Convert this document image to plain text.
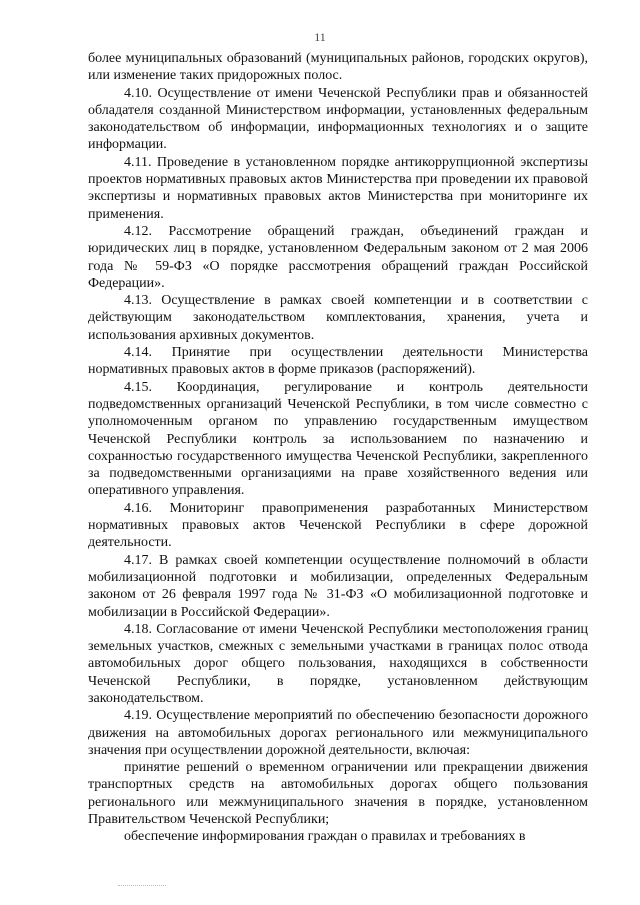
11

более муниципальных образований (муниципальных районов, городских округов), или изменение таких придорожных полос.

4.10. Осуществление от имени Чеченской Республики прав и обязанностей обладателя созданной Министерством информации, установленных федеральным законодательством об информации, информационных технологиях и о защите информации.

4.11. Проведение в установленном порядке антикоррупционной экспертизы проектов нормативных правовых актов Министерства при проведении их правовой экспертизы и нормативных правовых актов Министерства при мониторинге их применения.

4.12. Рассмотрение обращений граждан, объединений граждан и юридических лиц в порядке, установленном Федеральным законом от 2 мая 2006 года № 59-ФЗ «О порядке рассмотрения обращений граждан Российской Федерации».

4.13. Осуществление в рамках своей компетенции и в соответствии с действующим законодательством комплектования, хранения, учета и использования архивных документов.

4.14. Принятие при осуществлении деятельности Министерства нормативных правовых актов в форме приказов (распоряжений).

4.15. Координация, регулирование и контроль деятельности подведомственных организаций Чеченской Республики, в том числе совместно с уполномоченным органом по управлению государственным имуществом Чеченской Республики контроль за использованием по назначению и сохранностью государственного имущества Чеченской Республики, закрепленного за подведомственными организациями на праве хозяйственного ведения или оперативного управления.

4.16. Мониторинг правоприменения разработанных Министерством нормативных правовых актов Чеченской Республики в сфере дорожной деятельности.

4.17. В рамках своей компетенции осуществление полномочий в области мобилизационной подготовки и мобилизации, определенных Федеральным законом от 26 февраля 1997 года № 31-ФЗ «О мобилизационной подготовке и мобилизации в Российской Федерации».

4.18. Согласование от имени Чеченской Республики местоположения границ земельных участков, смежных с земельными участками в границах полос отвода автомобильных дорог общего пользования, находящихся в собственности Чеченской Республики, в порядке, установленном действующим законодательством.

4.19. Осуществление мероприятий по обеспечению безопасности дорожного движения на автомобильных дорогах регионального или межмуниципального значения при осуществлении дорожной деятельности, включая:

принятие решений о временном ограничении или прекращении движения транспортных средств на автомобильных дорогах общего пользования регионального или межмуниципального значения в порядке, установленном Правительством Чеченской Республики;

обеспечение информирования граждан о правилах и требованиях в
